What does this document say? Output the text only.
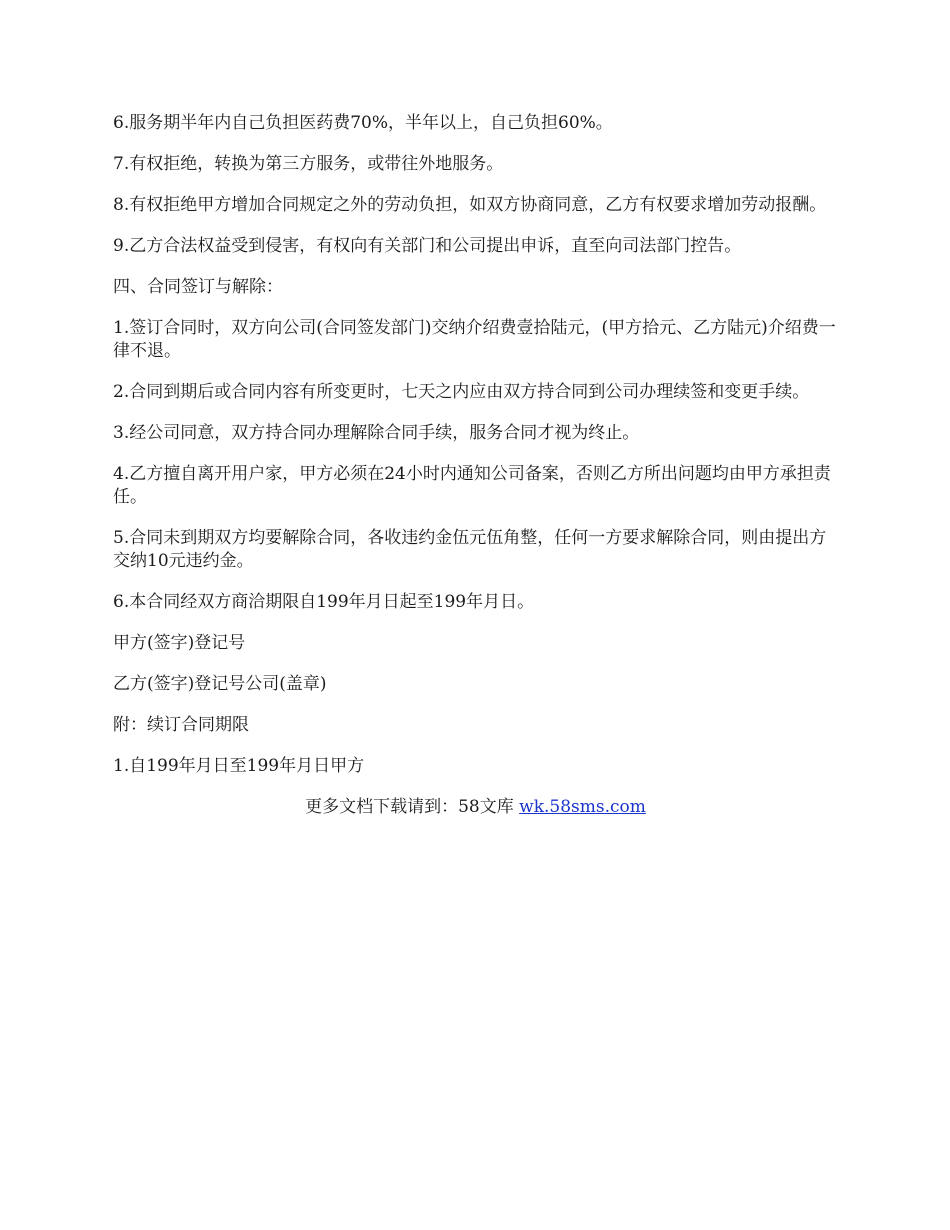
6.服务期半年内自己负担医药费70%，半年以上，自己负担60%。

7.有权拒绝，转换为第三方服务，或带往外地服务。

8.有权拒绝甲方增加合同规定之外的劳动负担，如双方协商同意，乙方有权要求增加劳动报酬。

9.乙方合法权益受到侵害，有权向有关部门和公司提出申诉，直至向司法部门控告。

四、合同签订与解除：

1.签订合同时，双方向公司(合同签发部门)交纳介绍费壹拾陆元，(甲方拾元、乙方陆元)介绍费一律不退。

2.合同到期后或合同内容有所变更时，七天之内应由双方持合同到公司办理续签和变更手续。

3.经公司同意，双方持合同办理解除合同手续，服务合同才视为终止。

4.乙方擅自离开用户家，甲方必须在24小时内通知公司备案，否则乙方所出问题均由甲方承担责任。

5.合同未到期双方均要解除合同，各收违约金伍元伍角整，任何一方要求解除合同，则由提出方交纳10元违约金。

6.本合同经双方商洽期限自199年月日起至199年月日。

甲方(签字)登记号

乙方(签字)登记号公司(盖章)

附：续订合同期限

1.自199年月日至199年月日甲方

更多文档下载请到：58文库 wk.58sms.com
